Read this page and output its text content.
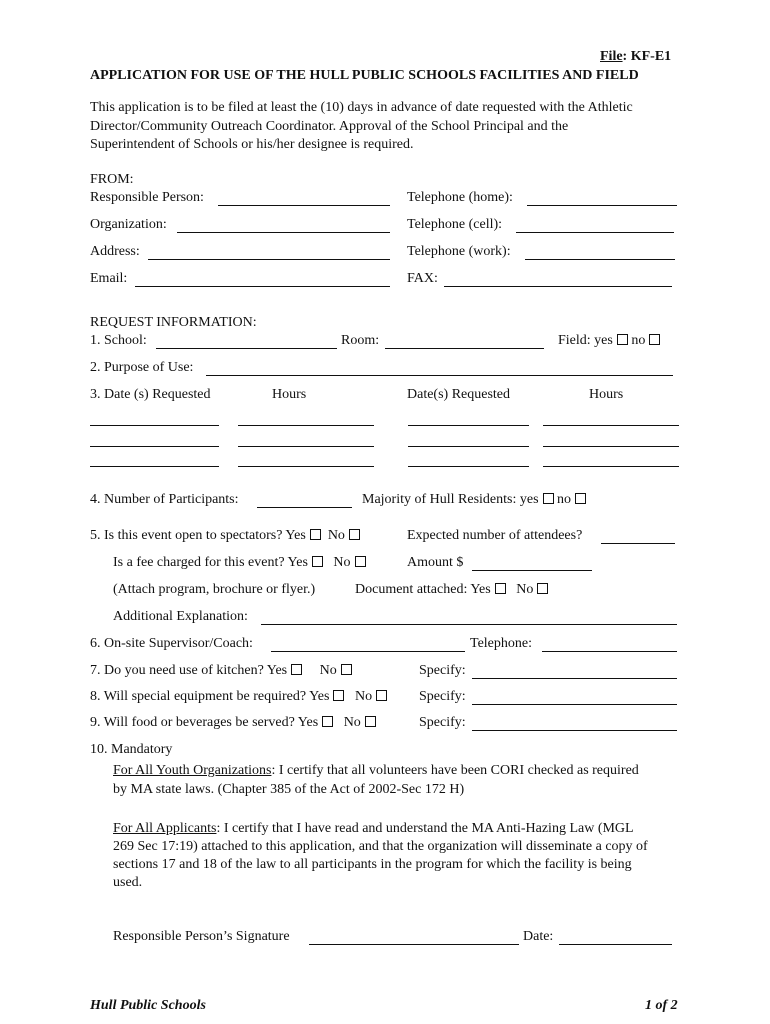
File: KF-E1
APPLICATION FOR USE OF THE HULL PUBLIC SCHOOLS FACILITIES AND FIELD
This application is to be filed at least the (10) days in advance of date requested with the Athletic
Director/Community Outreach Coordinator. Approval of the School Principal and the
Superintendent of Schools or his/her designee is required.
FROM:
Responsible Person:	Telephone (home):
Organization:	Telephone (cell):
Address:	Telephone (work):
Email:	FAX:
REQUEST INFORMATION:
1. School:	Room:	Field: yes no
2. Purpose of Use:
3. Date (s) Requested	Hours	Date(s) Requested	Hours
4. Number of Participants:	Majority of Hull Residents: yes no
5. Is this event open to spectators? Yes No	Expected number of attendees?
Is a fee charged for this event? Yes No	Amount $
(Attach program, brochure or flyer.)	Document attached: Yes No
Additional Explanation:
6. On-site Supervisor/Coach:	Telephone:
7. Do you need use of kitchen? Yes No	Specify:
8. Will special equipment be required? Yes No	Specify:
9. Will food or beverages be served? Yes No	Specify:
10. Mandatory
For All Youth Organizations: I certify that all volunteers have been CORI checked as required
by MA state laws. (Chapter 385 of the Act of 2002-Sec 172 H)
For All Applicants: I certify that I have read and understand the MA Anti-Hazing Law (MGL
269 Sec 17:19) attached to this application, and that the organization will disseminate a copy of
sections 17 and 18 of the law to all participants in the program for which the facility is being
used.
Responsible Person’s Signature	Date:
Hull Public Schools	1 of 2
